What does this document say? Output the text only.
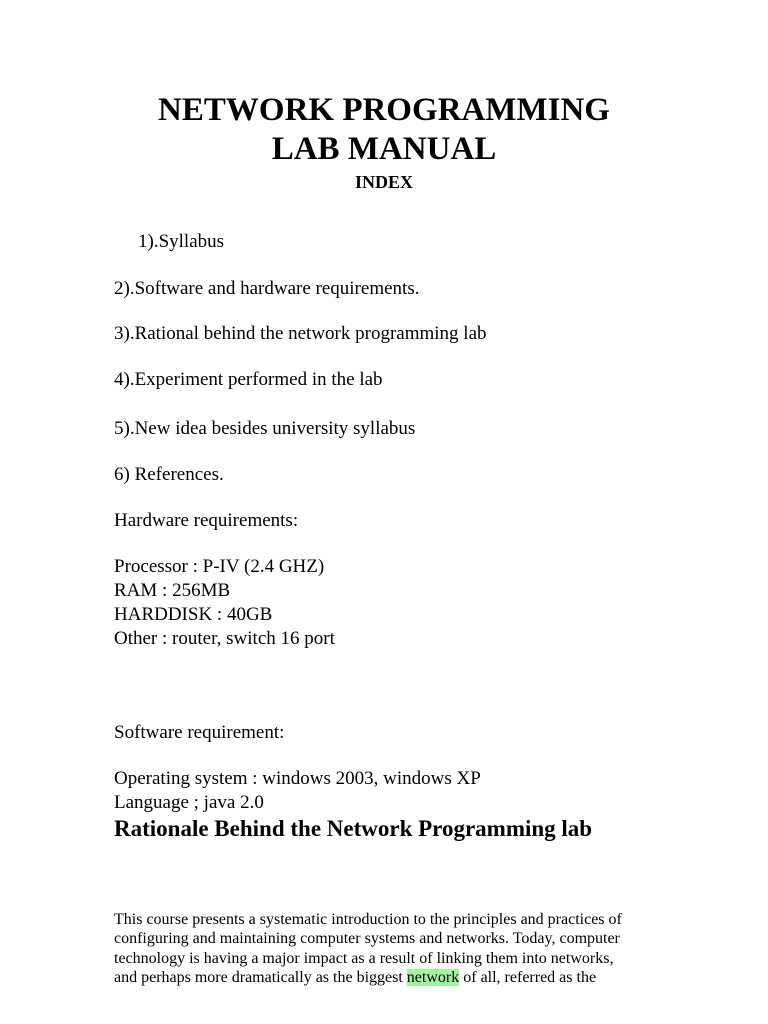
NETWORK PROGRAMMING
LAB MANUAL
INDEX

1).Syllabus

2).Software and hardware requirements.

3).Rational behind the network programming lab

4).Experiment performed in the lab

5).New idea besides university syllabus

6) References.

Hardware requirements:

Processor : P-IV (2.4 GHZ)

RAM : 256MB

HARDDISK : 40GB

Other : router, switch 16 port

Software requirement:

Operating system : windows 2003, windows XP

Language ; java 2.0

Rationale Behind the Network Programming lab
This course presents a systematic introduction to the principles and practices of
configuring and maintaining computer systems and networks. Today, computer
technology is having a major impact as a result of linking them into networks,
and perhaps more dramatically as the biggest network of all, referred as the
